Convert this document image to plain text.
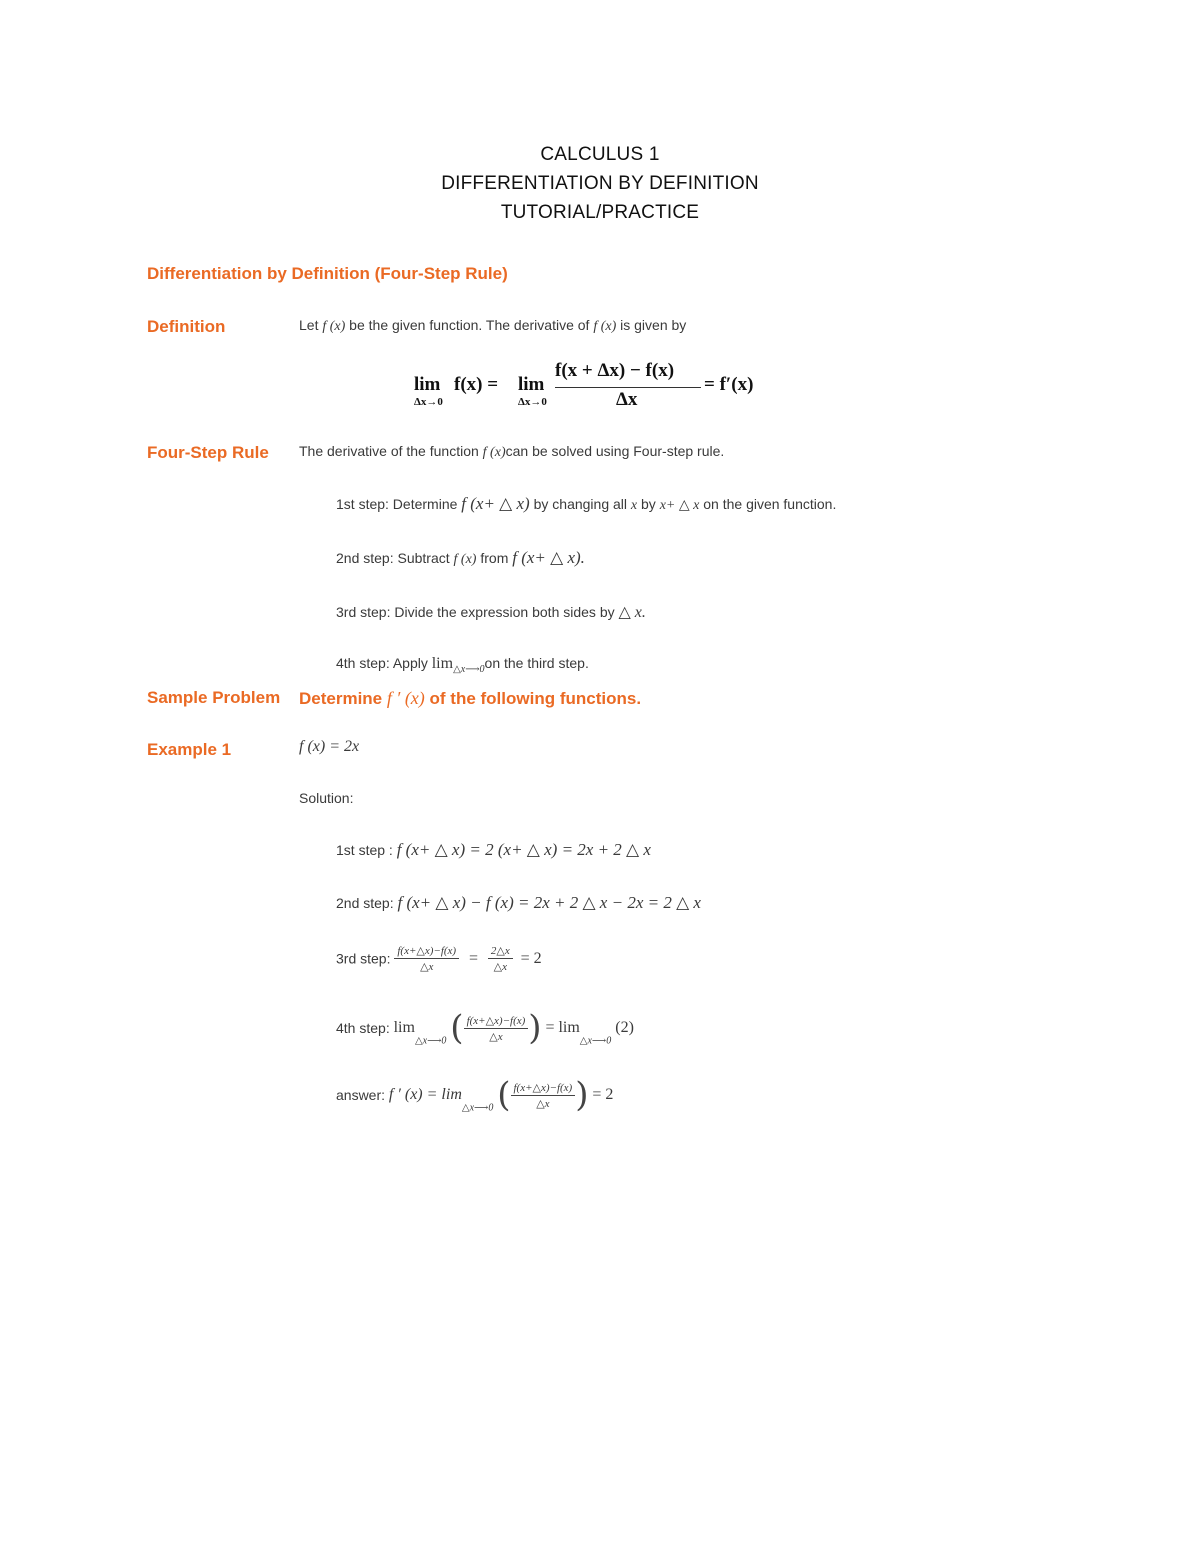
CALCULUS 1
DIFFERENTIATION BY DEFINITION
TUTORIAL/PRACTICE
Differentiation by Definition (Four-Step Rule)
Definition	Let f (x) be the given function. The derivative of f (x) is given by
lim
Δx→0
f(x) = lim
Δx→0
f(x + Δx) − f(x)
Δx
= f′(x)
Four-Step Rule The derivative of the function f (x)can be solved using Four-step rule.
1st step: Determine f (x+ △ x) by changing all x by x+ △ x on the given function.
2nd step: Subtract f (x) from f (x+ △ x).
3rd step: Divide the expression both sides by △ x.
4th step: Apply $\lim_{\triangle x⟶0}on$ the third step.
Sample Problem Determine f ′ (x) of the following functions.
Example 1	f (x) = 2x
Solution:
1st step : f (x+ △ x) = 2 (x+ △ x) = 2x + 2 △ x
2nd step: f (x+ △ x) − f (x) = 2x + 2 △ x − 2x = 2 △ x
3rd step: $\frac{f(x+\triangle x)-f(x)}{\triangle x} = \frac{2\triangle x}{\triangle x} = 2$
4th step: $\lim_{\triangle x⟶0}$ ( $\frac{f(x+\triangle x)-f(x)}{\triangle x}$ ) = $\lim_{\triangle x⟶0} (2)$
answer: f ′ $(x) = \lim_{\triangle x⟶0}$ ( $\frac{f(x+\triangle x)-f(x)}{\triangle x}$ ) = 2
